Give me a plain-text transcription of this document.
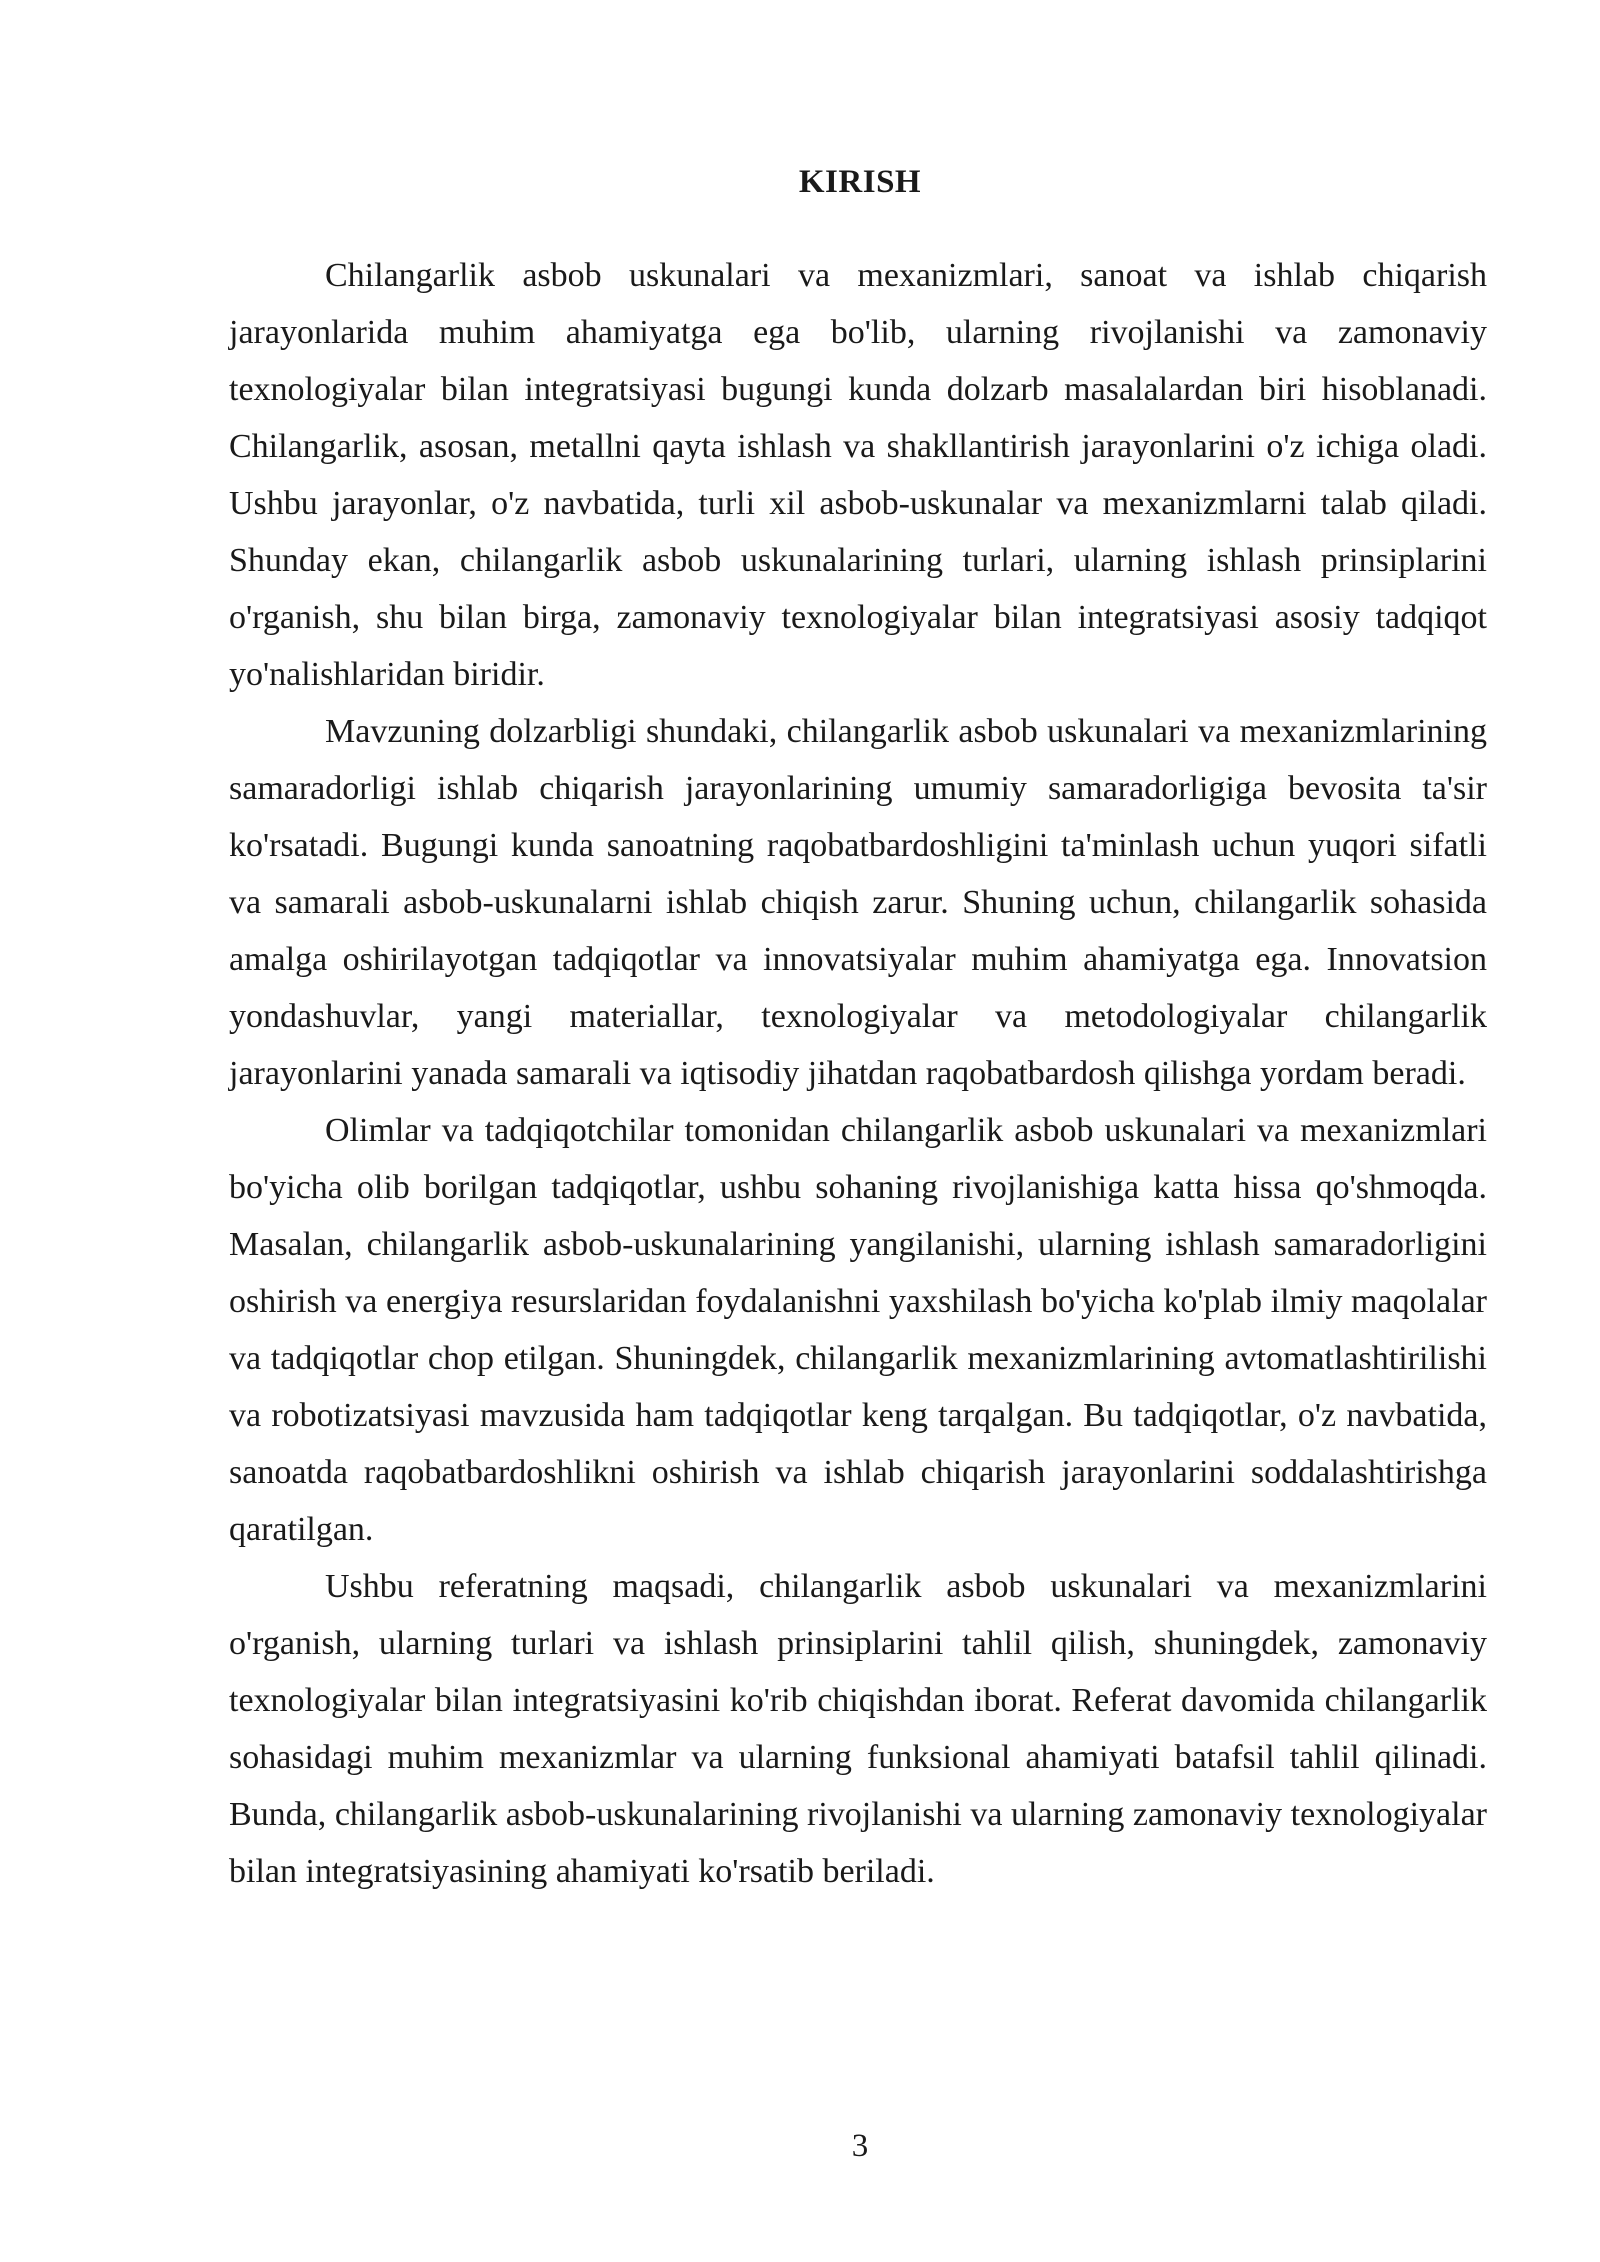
KIRISH

Chilangarlik asbob uskunalari va mexanizmlari, sanoat va ishlab chiqarish jarayonlarida muhim ahamiyatga ega bo'lib, ularning rivojlanishi va zamonaviy texnologiyalar bilan integratsiyasi bugungi kunda dolzarb masalalardan biri hisoblanadi. Chilangarlik, asosan, metallni qayta ishlash va shakllantirish jarayonlarini o'z ichiga oladi. Ushbu jarayonlar, o'z navbatida, turli xil asbob-uskunalar va mexanizmlarni talab qiladi. Shunday ekan, chilangarlik asbob uskunalarining turlari, ularning ishlash prinsiplarini o'rganish, shu bilan birga, zamonaviy texnologiyalar bilan integratsiyasi asosiy tadqiqot yo'nalishlaridan biridir.

Mavzuning dolzarbligi shundaki, chilangarlik asbob uskunalari va mexanizmlarining samaradorligi ishlab chiqarish jarayonlarining umumiy samaradorligiga bevosita ta'sir ko'rsatadi. Bugungi kunda sanoatning raqobatbardoshligini ta'minlash uchun yuqori sifatli va samarali asbob-uskunalarni ishlab chiqish zarur. Shuning uchun, chilangarlik sohasida amalga oshirilayotgan tadqiqotlar va innovatsiyalar muhim ahamiyatga ega. Innovatsion yondashuvlar, yangi materiallar, texnologiyalar va metodologiyalar chilangarlik jarayonlarini yanada samarali va iqtisodiy jihatdan raqobatbardosh qilishga yordam beradi.

Olimlar va tadqiqotchilar tomonidan chilangarlik asbob uskunalari va mexanizmlari bo'yicha olib borilgan tadqiqotlar, ushbu sohaning rivojlanishiga katta hissa qo'shmoqda. Masalan, chilangarlik asbob-uskunalarining yangilanishi, ularning ishlash samaradorligini oshirish va energiya resurslaridan foydalanishni yaxshilash bo'yicha ko'plab ilmiy maqolalar va tadqiqotlar chop etilgan. Shuningdek, chilangarlik mexanizmlarining avtomatlashtirilishi va robotizatsiyasi mavzusida ham tadqiqotlar keng tarqalgan. Bu tadqiqotlar, o'z navbatida, sanoatda raqobatbardoshlikni oshirish va ishlab chiqarish jarayonlarini soddalashtirishga qaratilgan.

Ushbu referatning maqsadi, chilangarlik asbob uskunalari va mexanizmlarini o'rganish, ularning turlari va ishlash prinsiplarini tahlil qilish, shuningdek, zamonaviy texnologiyalar bilan integratsiyasini ko'rib chiqishdan iborat. Referat davomida chilangarlik sohasidagi muhim mexanizmlar va ularning funksional ahamiyati batafsil tahlil qilinadi. Bunda, chilangarlik asbob-uskunalarining rivojlanishi va ularning zamonaviy texnologiyalar bilan integratsiyasining ahamiyati ko'rsatib beriladi.

3
